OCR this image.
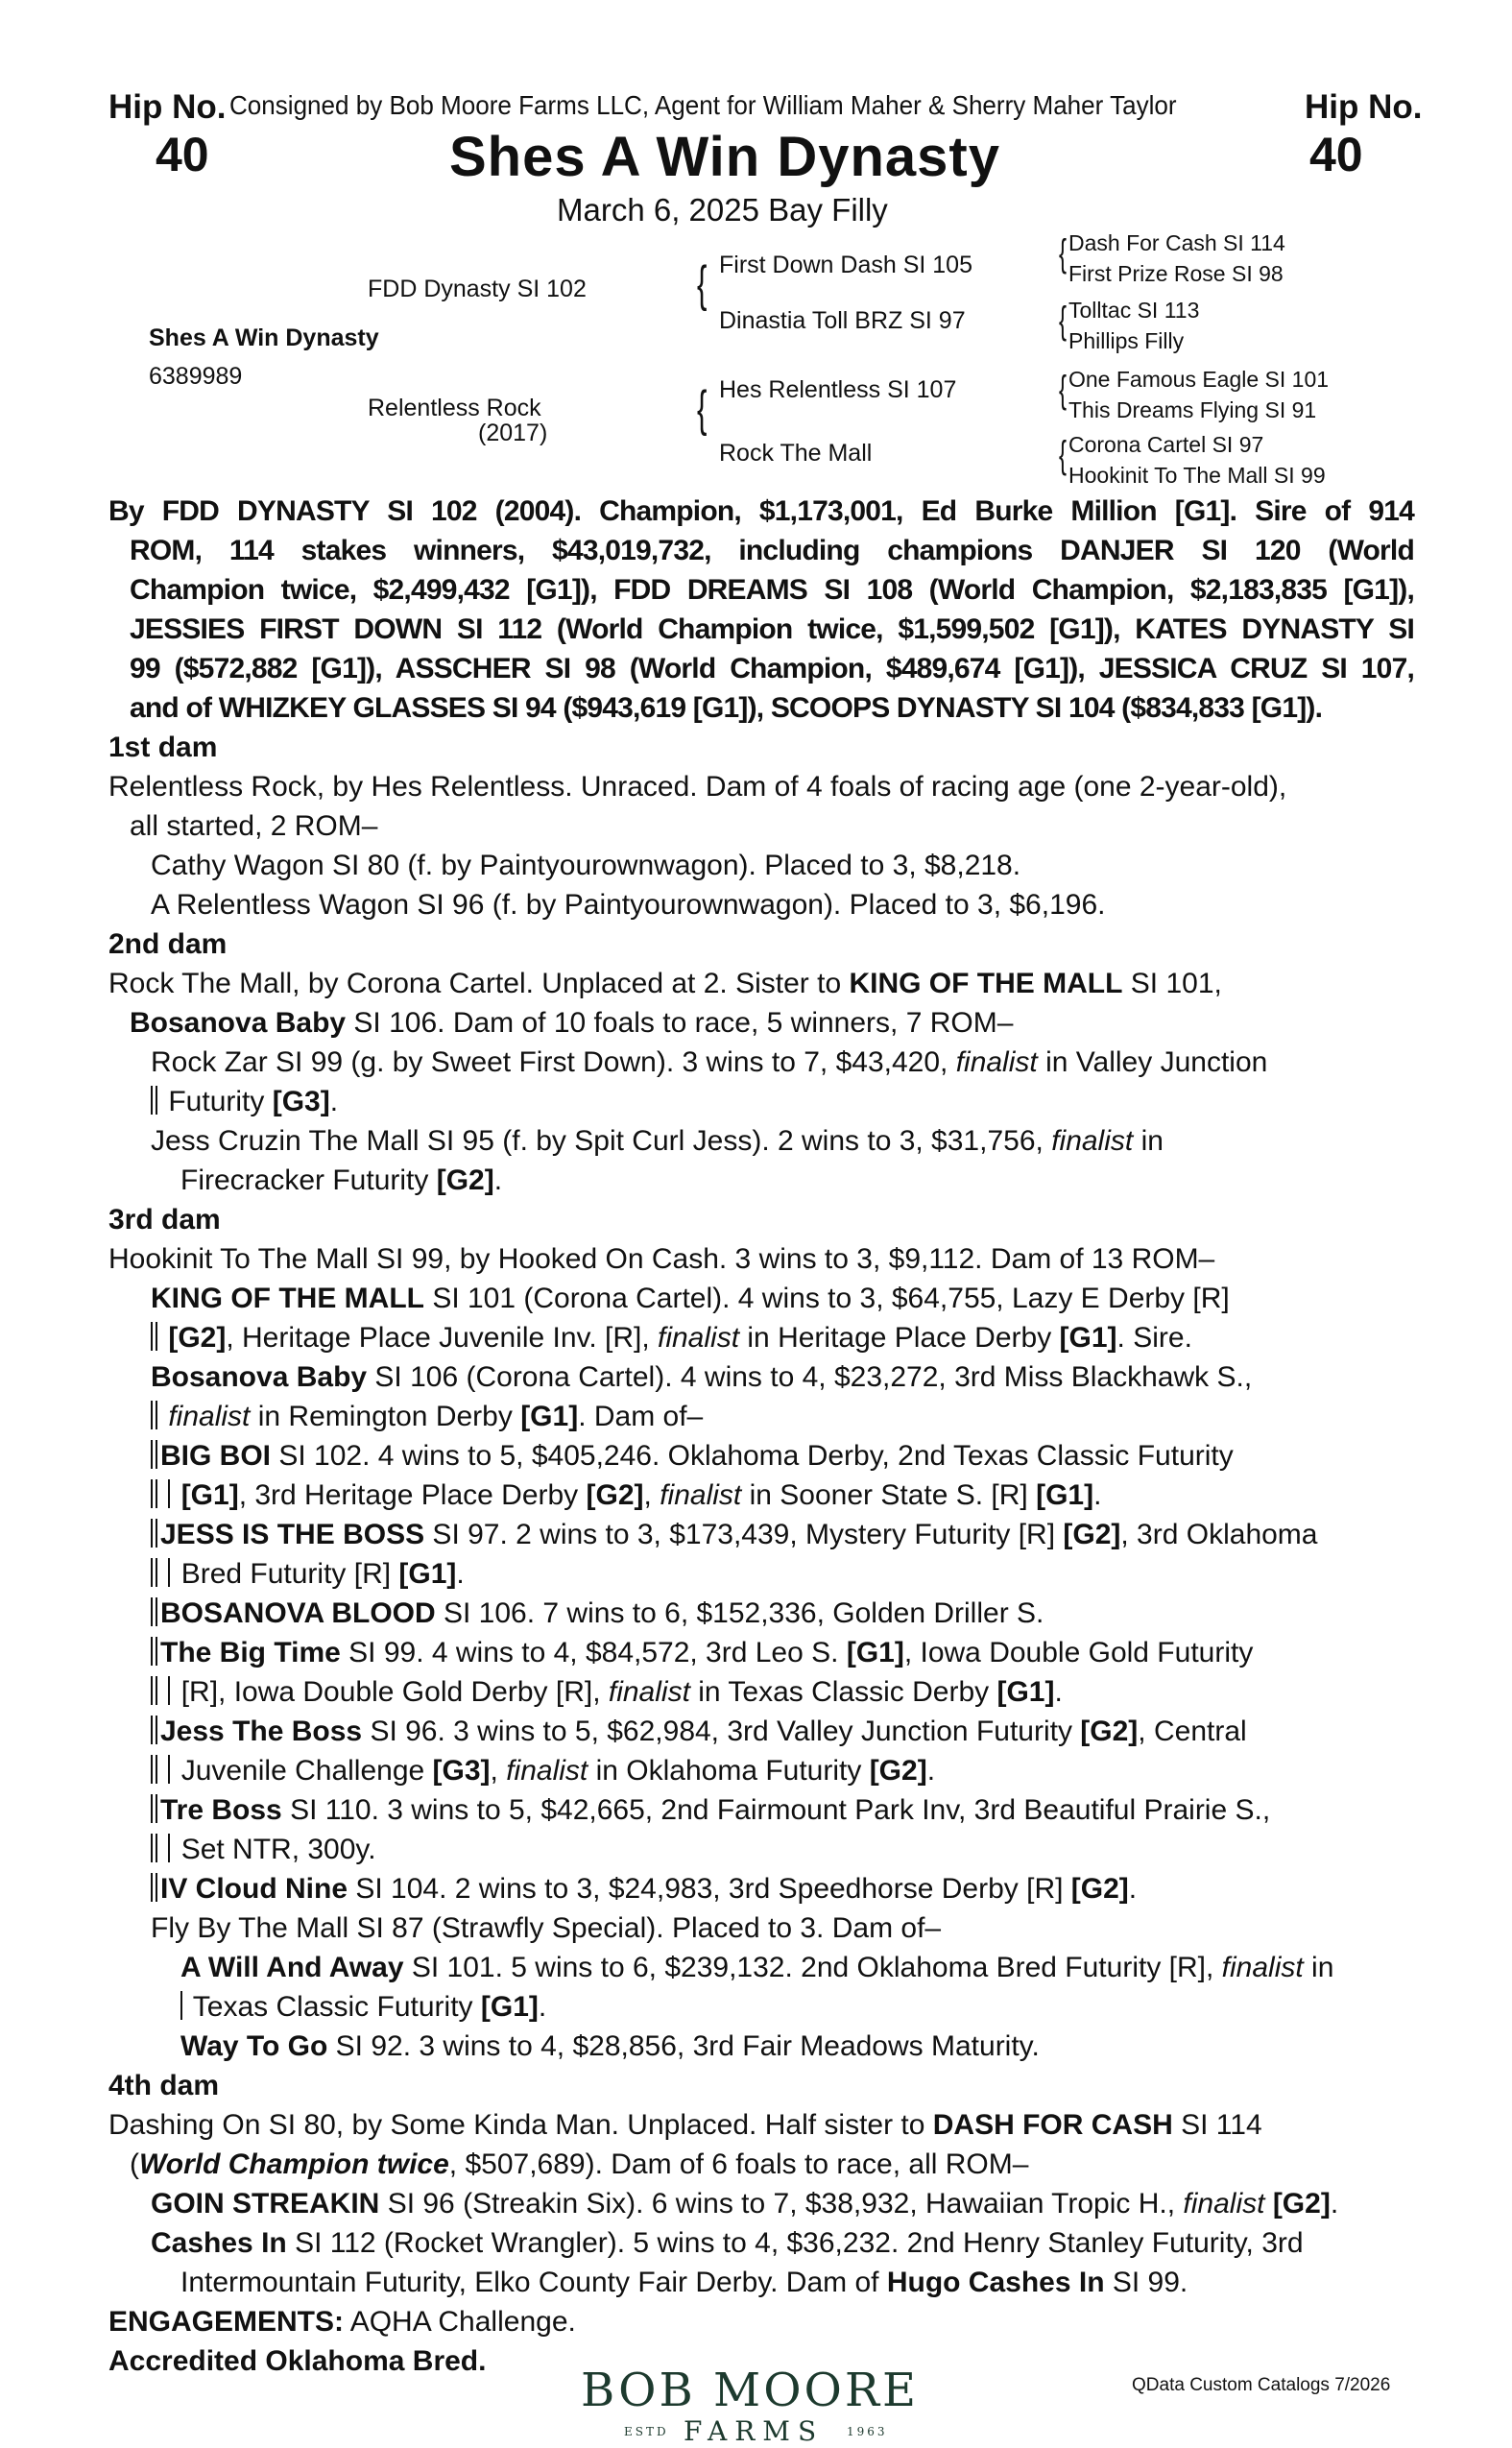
Hip No.
40
Consigned by Bob Moore Farms LLC, Agent for William Maher & Sherry Maher Taylor	Hip No.
40
Shes A Win Dynasty
March 6, 2025 Bay Filly
FDD Dynasty SI 102
Shes A Win Dynasty
6389989
Relentless Rock
(2017)
{ First Down Dash SI 105
Dinastia Toll BRZ SI 97
{ Hes Relentless SI 107
Rock The Mall
{ Dash For Cash SI 114
First Prize Rose SI 98
{ Tolltac SI 113
Phillips Filly
{ One Famous Eagle SI 101
This Dreams Flying SI 91
{ Corona Cartel SI 97
Hookinit To The Mall SI 99
By FDD DYNASTY SI 102 (2004). Champion, $1,173,001, Ed Burke Million [G1]. Sire of 914
ROM, 114 stakes winners, $43,019,732, including champions DANJER SI 120 (World
Champion twice, $2,499,432 [G1]), FDD DREAMS SI 108 (World Champion, $2,183,835 [G1]),
JESSIES FIRST DOWN SI 112 (World Champion twice, $1,599,502 [G1]), KATES DYNASTY SI
99 ($572,882 [G1]), ASSCHER SI 98 (World Champion, $489,674 [G1]), JESSICA CRUZ SI 107,
and of WHIZKEY GLASSES SI 94 ($943,619 [G1]), SCOOPS DYNASTY SI 104 ($834,833 [G1]).
1st dam
Relentless Rock, by Hes Relentless. Unraced. Dam of 4 foals of racing age (one 2-year-old),
all started, 2 ROM–
Cathy Wagon SI 80 (f. by Paintyourownwagon). Placed to 3, $8,218.
A Relentless Wagon SI 96 (f. by Paintyourownwagon). Placed to 3, $6,196.
2nd dam
Rock The Mall, by Corona Cartel. Unplaced at 2. Sister to KING OF THE MALL SI 101,
Bosanova Baby SI 106. Dam of 10 foals to race, 5 winners, 7 ROM–
Rock Zar SI 99 (g. by Sweet First Down). 3 wins to 7, $43,420, finalist in Valley Junction
Futurity [G3].
Jess Cruzin The Mall SI 95 (f. by Spit Curl Jess). 2 wins to 3, $31,756, finalist in
Firecracker Futurity [G2].
3rd dam
Hookinit To The Mall SI 99, by Hooked On Cash. 3 wins to 3, $9,112. Dam of 13 ROM–
KING OF THE MALL SI 101 (Corona Cartel). 4 wins to 3, $64,755, Lazy E Derby [R]
[G2], Heritage Place Juvenile Inv. [R], finalist in Heritage Place Derby [G1]. Sire.
Bosanova Baby SI 106 (Corona Cartel). 4 wins to 4, $23,272, 3rd Miss Blackhawk S.,
finalist in Remington Derby [G1]. Dam of–
BIG BOI SI 102. 4 wins to 5, $405,246. Oklahoma Derby, 2nd Texas Classic Futurity
[G1], 3rd Heritage Place Derby [G2], finalist in Sooner State S. [R] [G1].
JESS IS THE BOSS SI 97. 2 wins to 3, $173,439, Mystery Futurity [R] [G2], 3rd Oklahoma
Bred Futurity [R] [G1].
BOSANOVA BLOOD SI 106. 7 wins to 6, $152,336, Golden Driller S.
The Big Time SI 99. 4 wins to 4, $84,572, 3rd Leo S. [G1], Iowa Double Gold Futurity
[R], Iowa Double Gold Derby [R], finalist in Texas Classic Derby [G1].
Jess The Boss SI 96. 3 wins to 5, $62,984, 3rd Valley Junction Futurity [G2], Central
Juvenile Challenge [G3], finalist in Oklahoma Futurity [G2].
Tre Boss SI 110. 3 wins to 5, $42,665, 2nd Fairmount Park Inv, 3rd Beautiful Prairie S.,
Set NTR, 300y.
IV Cloud Nine SI 104. 2 wins to 3, $24,983, 3rd Speedhorse Derby [R] [G2].
Fly By The Mall SI 87 (Strawfly Special). Placed to 3. Dam of–
A Will And Away SI 101. 5 wins to 6, $239,132. 2nd Oklahoma Bred Futurity [R], finalist in
Texas Classic Futurity [G1].
Way To Go SI 92. 3 wins to 4, $28,856, 3rd Fair Meadows Maturity.
4th dam
Dashing On SI 80, by Some Kinda Man. Unplaced. Half sister to DASH FOR CASH SI 114
(World Champion twice, $507,689). Dam of 6 foals to race, all ROM–
GOIN STREAKIN SI 96 (Streakin Six). 6 wins to 7, $38,932, Hawaiian Tropic H., finalist [G2].
Cashes In SI 112 (Rocket Wrangler). 5 wins to 4, $36,232. 2nd Henry Stanley Futurity, 3rd
Intermountain Futurity, Elko County Fair Derby. Dam of Hugo Cashes In SI 99.
ENGAGEMENTS: AQHA Challenge.
Accredited Oklahoma Bred.
BOB MOORE
ESTD FARMS 1963
QData Custom Catalogs 7/2026
